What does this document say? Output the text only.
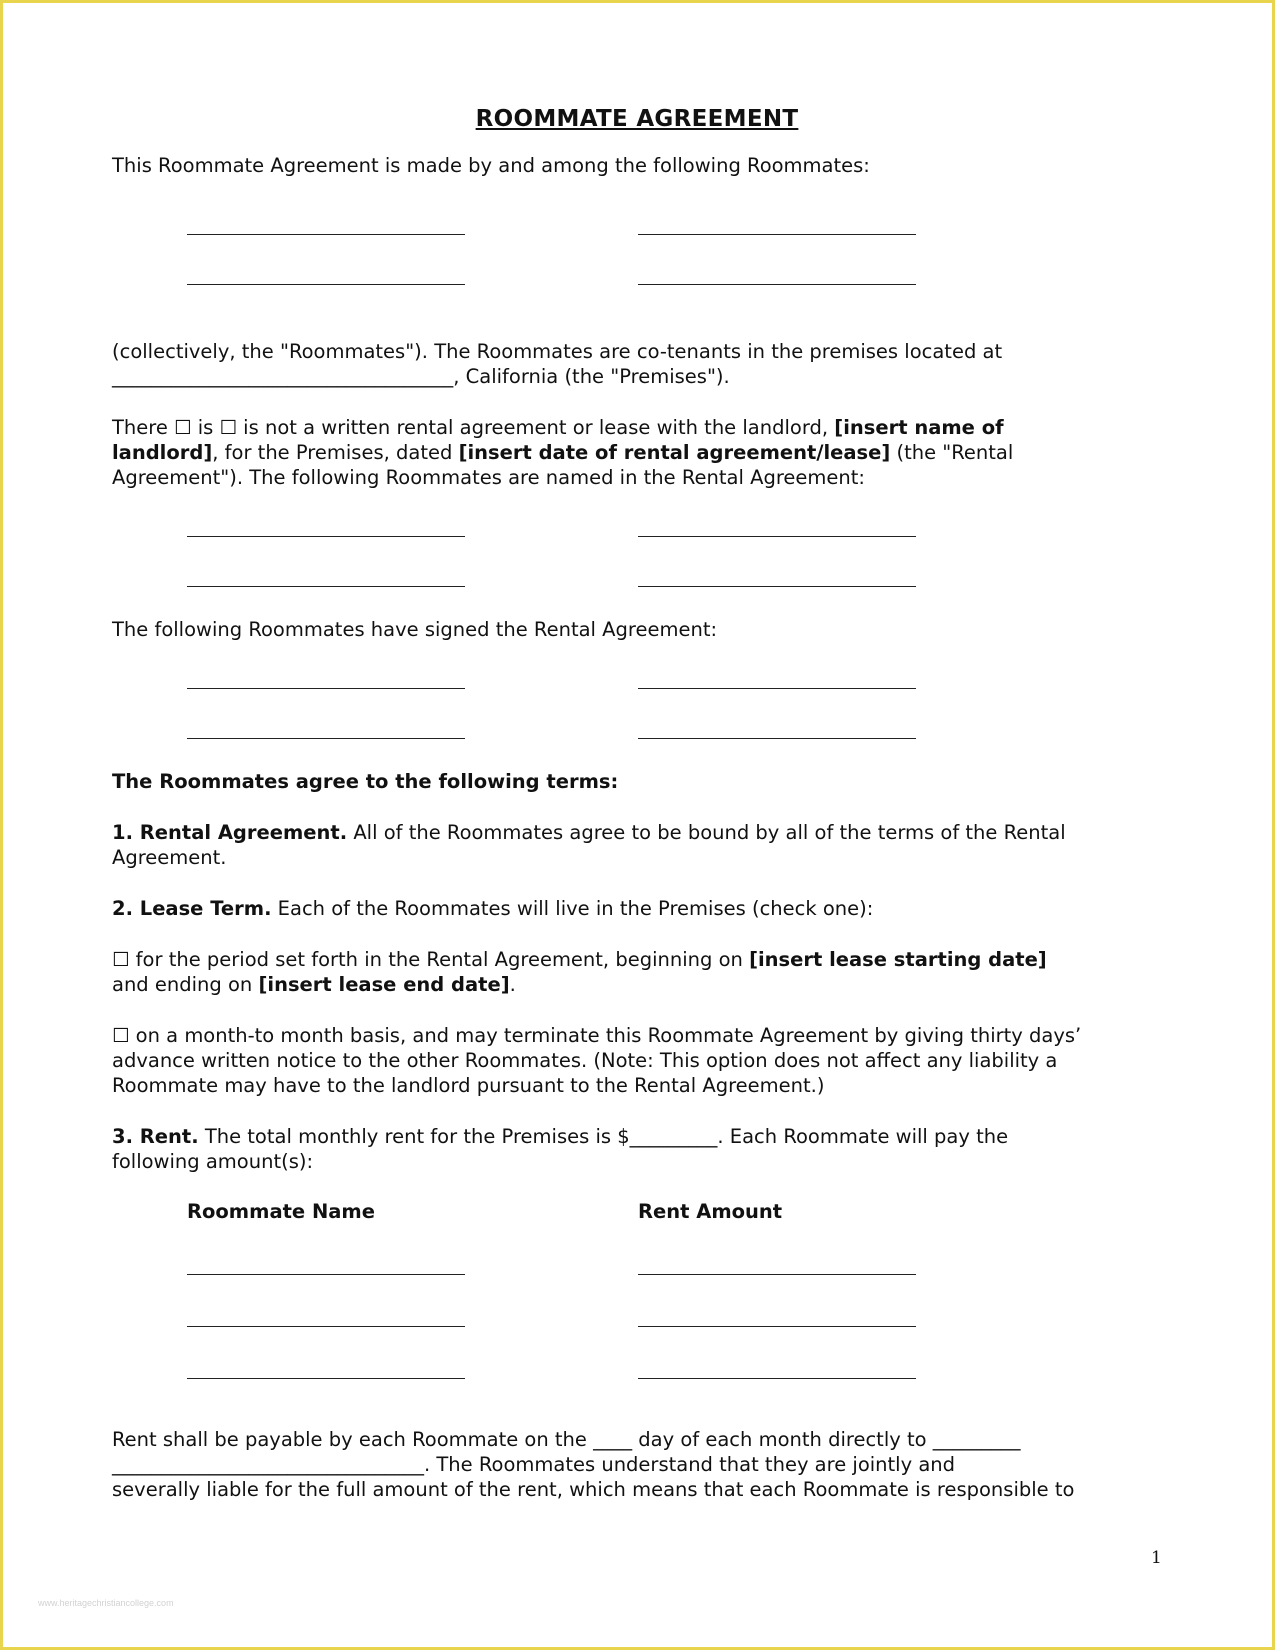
ROOMMATE AGREEMENT
This Roommate Agreement is made by and among the following Roommates:
(collectively, the "Roommates"). The Roommates are co-tenants in the premises located at
___________________________________, California (the "Premises").
There ☐ is ☐ is not a written rental agreement or lease with the landlord, [insert name of
landlord], for the Premises, dated [insert date of rental agreement/lease] (the "Rental
Agreement"). The following Roommates are named in the Rental Agreement:
The following Roommates have signed the Rental Agreement:
The Roommates agree to the following terms:
1. Rental Agreement. All of the Roommates agree to be bound by all of the terms of the Rental
Agreement.
2. Lease Term. Each of the Roommates will live in the Premises (check one):
☐ for the period set forth in the Rental Agreement, beginning on [insert lease starting date]
and ending on [insert lease end date].
☐ on a month-to month basis, and may terminate this Roommate Agreement by giving thirty days’
advance written notice to the other Roommates. (Note: This option does not affect any liability a
Roommate may have to the landlord pursuant to the Rental Agreement.)
3. Rent. The total monthly rent for the Premises is $_________. Each Roommate will pay the
following amount(s):
Roommate Name	Rent Amount
Rent shall be payable by each Roommate on the ____ day of each month directly to _________
________________________________. The Roommates understand that they are jointly and
severally liable for the full amount of the rent, which means that each Roommate is responsible to
1
www.heritagechristiancollege.com
